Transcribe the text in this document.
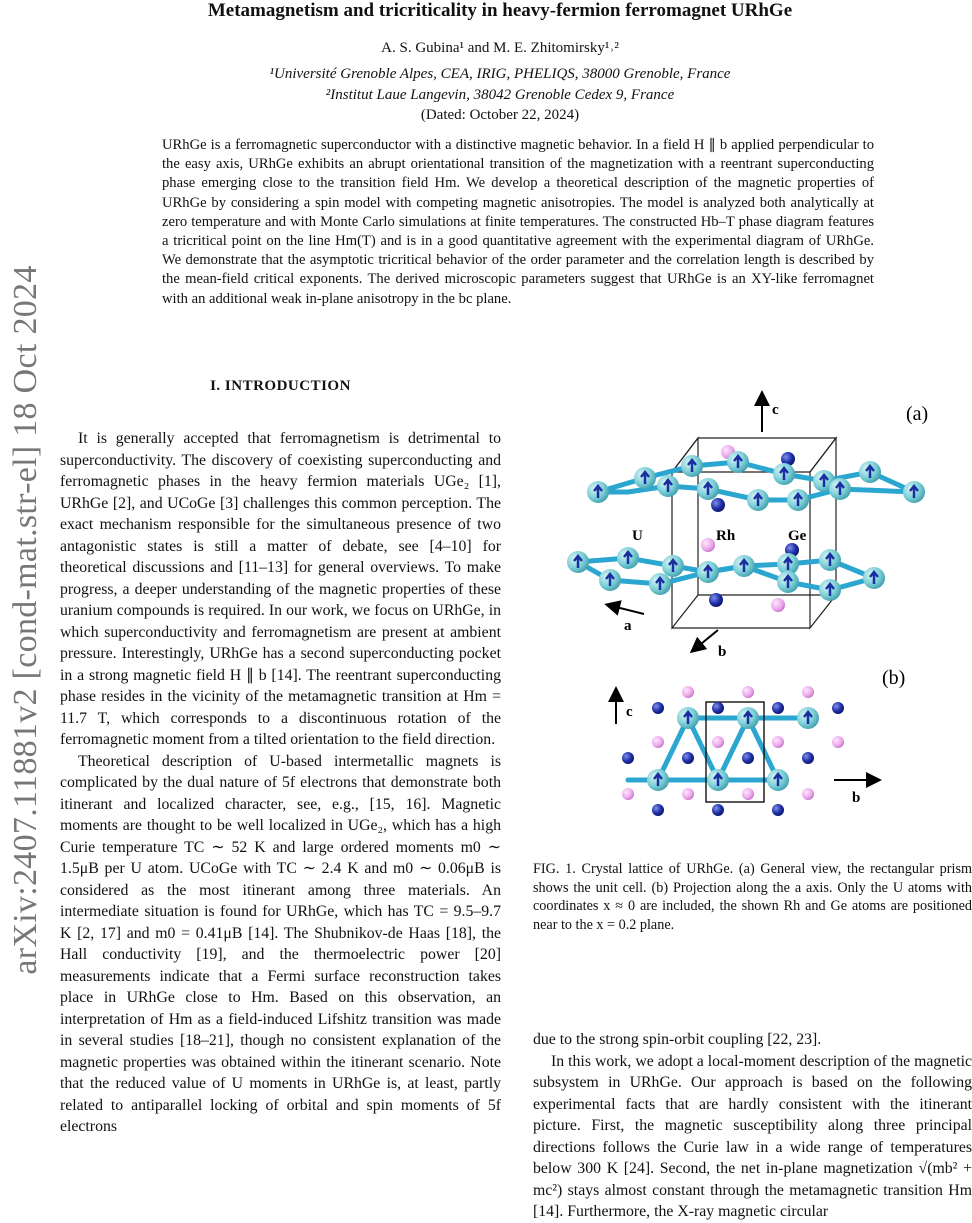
arXiv:2407.11881v2 [cond-mat.str-el] 18 Oct 2024
Metamagnetism and tricriticality in heavy-fermion ferromagnet URhGe
A. S. Gubina¹ and M. E. Zhitomirsky¹˒²
¹Université Grenoble Alpes, CEA, IRIG, PHELIQS, 38000 Grenoble, France
²Institut Laue Langevin, 38042 Grenoble Cedex 9, France
(Dated: October 22, 2024)
URhGe is a ferromagnetic superconductor with a distinctive magnetic behavior. In a field H ∥ b applied perpendicular to the easy axis, URhGe exhibits an abrupt orientational transition of the magnetization with a reentrant superconducting phase emerging close to the transition field Hm. We develop a theoretical description of the magnetic properties of URhGe by considering a spin model with competing magnetic anisotropies. The model is analyzed both analytically at zero temperature and with Monte Carlo simulations at finite temperatures. The constructed Hb–T phase diagram features a tricritical point on the line Hm(T) and is in a good quantitative agreement with the experimental diagram of URhGe. We demonstrate that the asymptotic tricritical behavior of the order parameter and the correlation length is described by the mean-field critical exponents. The derived microscopic parameters suggest that URhGe is an XY-like ferromagnet with an additional weak in-plane anisotropy in the bc plane.
I. INTRODUCTION

It is generally accepted that ferromagnetism is detrimental to superconductivity. The discovery of coexisting superconducting and ferromagnetic phases in the heavy fermion materials UGe₂ [1], URhGe [2], and UCoGe [3] challenges this common perception. The exact mechanism responsible for the simultaneous presence of two antagonistic states is still a matter of debate, see [4–10] for theoretical discussions and [11–13] for general overviews. To make progress, a deeper understanding of the magnetic properties of these uranium compounds is required. In our work, we focus on URhGe, in which superconductivity and ferromagnetism are present at ambient pressure. Interestingly, URhGe has a second superconducting pocket in a strong magnetic field H ∥ b [14]. The reentrant superconducting phase resides in the vicinity of the metamagnetic transition at Hm = 11.7 T, which corresponds to a discontinuous rotation of the ferromagnetic moment from a tilted orientation to the field direction.

Theoretical description of U-based intermetallic magnets is complicated by the dual nature of 5f electrons that demonstrate both itinerant and localized character, see, e.g., [15, 16]. Magnetic moments are thought to be well localized in UGe₂, which has a high Curie temperature TC ∼ 52 K and large ordered moments m0 ∼ 1.5μB per U atom. UCoGe with TC ∼ 2.4 K and m0 ∼ 0.06μB is considered as the most itinerant among three materials. An intermediate situation is found for URhGe, which has TC = 9.5–9.7 K [2, 17] and m0 = 0.41μB [14]. The Shubnikov-de Haas [18], the Hall conductivity [19], and the thermoelectric power [20] measurements indicate that a Fermi surface reconstruction takes place in URhGe close to Hm. Based on this observation, an interpretation of Hm as a field-induced Lifshitz transition was made in several studies [18–21], though no consistent explanation of the magnetic properties was obtained within the itinerant scenario. Note that the reduced value of U moments in URhGe is, at least, partly related to antiparallel locking of orbital and spin moments of 5f electrons

c	(a)
U	Rh	Ge
a
b
(b)
c
b
FIG. 1. Crystal lattice of URhGe. (a) General view, the rectangular prism shows the unit cell. (b) Projection along the a axis. Only the U atoms with coordinates x ≈ 0 are included, the shown Rh and Ge atoms are positioned near to the x = 0.2 plane.

due to the strong spin-orbit coupling [22, 23].

In this work, we adopt a local-moment description of the magnetic subsystem in URhGe. Our approach is based on the following experimental facts that are hardly consistent with the itinerant picture. First, the magnetic susceptibility along three principal directions follows the Curie law in a wide range of temperatures below 300 K [24]. Second, the net in-plane magnetization √(mb² + mc²) stays almost constant through the metamagnetic transition Hm [14]. Furthermore, the X-ray magnetic circular
